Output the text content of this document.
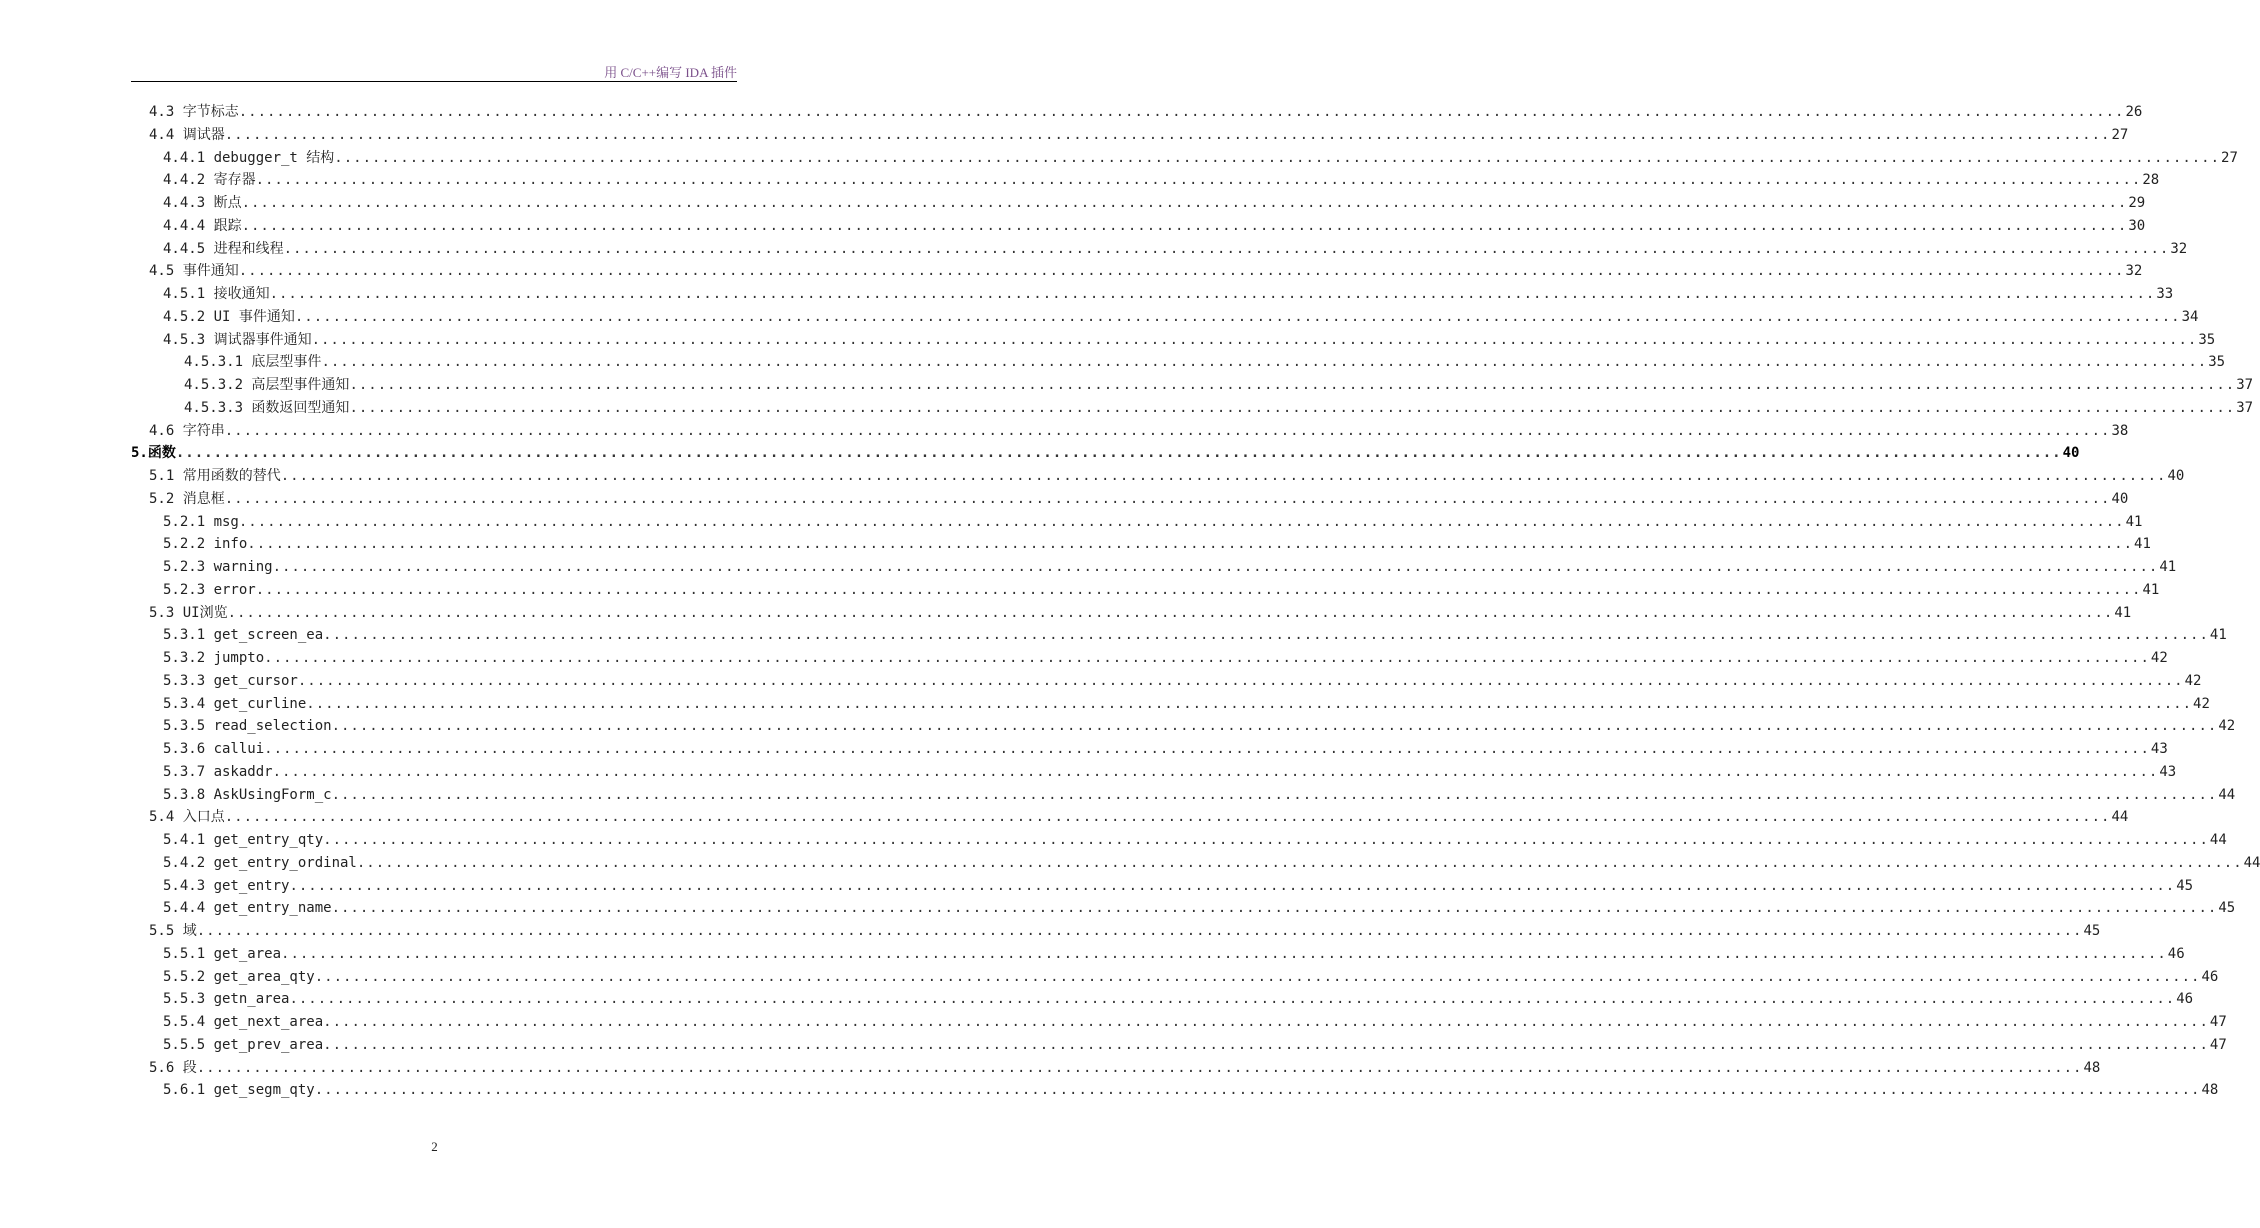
用 C/C++编写 IDA 插件
4.3 字节标志 ........................................................................................................................................................................................................ 26
4.4 调试器 ........................................................................................................................................................................................................ 27
4.4.1 debugger_t 结构 ........................................................................................................................................................................................................ 27
4.4.2 寄存器 ........................................................................................................................................................................................................ 28
4.4.3 断点 ........................................................................................................................................................................................................ 29
4.4.4 跟踪 ........................................................................................................................................................................................................ 30
4.4.5 进程和线程 ........................................................................................................................................................................................................ 32
4.5 事件通知 ........................................................................................................................................................................................................ 32
4.5.1 接收通知 ........................................................................................................................................................................................................ 33
4.5.2 UI 事件通知 ........................................................................................................................................................................................................ 34
4.5.3 调试器事件通知 ........................................................................................................................................................................................................ 35
4.5.3.1 底层型事件 ........................................................................................................................................................................................................ 35
4.5.3.2 高层型事件通知 ........................................................................................................................................................................................................ 37
4.5.3.3 函数返回型通知 ........................................................................................................................................................................................................ 37
4.6 字符串 ........................................................................................................................................................................................................ 38
5.函数 ........................................................................................................................................................................................................ 40
5.1 常用函数的替代 ........................................................................................................................................................................................................ 40
5.2 消息框 ........................................................................................................................................................................................................ 40
5.2.1 msg ........................................................................................................................................................................................................ 41
5.2.2 info ........................................................................................................................................................................................................ 41
5.2.3 warning ........................................................................................................................................................................................................ 41
5.2.3 error ........................................................................................................................................................................................................ 41
5.3 UI浏览 ........................................................................................................................................................................................................ 41
5.3.1 get_screen_ea ........................................................................................................................................................................................................ 41
5.3.2 jumpto ........................................................................................................................................................................................................ 42
5.3.3 get_cursor ........................................................................................................................................................................................................ 42
5.3.4 get_curline ........................................................................................................................................................................................................ 42
5.3.5 read_selection ........................................................................................................................................................................................................ 42
5.3.6 callui ........................................................................................................................................................................................................ 43
5.3.7 askaddr ........................................................................................................................................................................................................ 43
5.3.8 AskUsingForm_c ........................................................................................................................................................................................................ 44
5.4 入口点 ........................................................................................................................................................................................................ 44
5.4.1 get_entry_qty ........................................................................................................................................................................................................ 44
5.4.2 get_entry_ordinal ........................................................................................................................................................................................................ 44
5.4.3 get_entry ........................................................................................................................................................................................................ 45
5.4.4 get_entry_name ........................................................................................................................................................................................................ 45
5.5 域 ........................................................................................................................................................................................................ 45
5.5.1 get_area ........................................................................................................................................................................................................ 46
5.5.2 get_area_qty ........................................................................................................................................................................................................ 46
5.5.3 getn_area ........................................................................................................................................................................................................ 46
5.5.4 get_next_area ........................................................................................................................................................................................................ 47
5.5.5 get_prev_area ........................................................................................................................................................................................................ 47
5.6 段 ........................................................................................................................................................................................................ 48
5.6.1 get_segm_qty ........................................................................................................................................................................................................ 48
2
